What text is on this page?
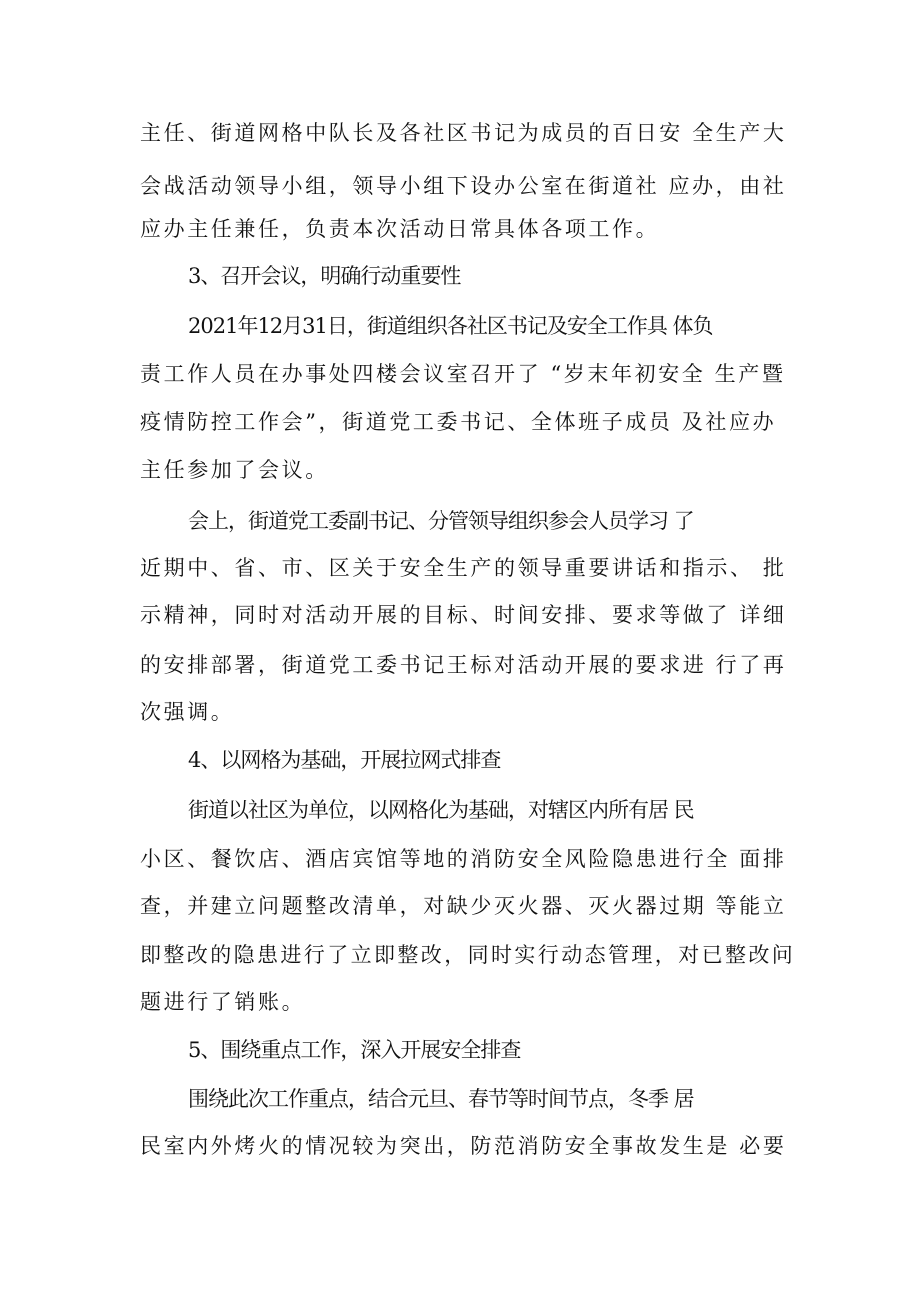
主任、街道网格中队长及各社区书记为成员的百日安 全生产大

会战活动领导小组，领导小组下设办公室在街道社 应办，由社

应办主任兼任，负责本次活动日常具体各项工作。

3、召开会议，明确行动重要性

2021年12月31日，街道组织各社区书记及安全工作具 体负

责工作人员在办事处四楼会议室召开了 “岁末年初安全 生产暨

疫情防控工作会”，街道党工委书记、全体班子成员 及社应办

主任参加了会议。

会上，街道党工委副书记、分管领导组织参会人员学习 了

近期中、省、市、区关于安全生产的领导重要讲话和指示、 批

示精神，同时对活动开展的目标、时间安排、要求等做了 详细

的安排部署，街道党工委书记王标对活动开展的要求进 行了再

次强调。

4、以网格为基础，开展拉网式排查

街道以社区为单位，以网格化为基础，对辖区内所有居 民

小区、餐饮店、酒店宾馆等地的消防安全风险隐患进行全 面排

查，并建立问题整改清单，对缺少灭火器、灭火器过期 等能立

即整改的隐患进行了立即整改，同时实行动态管理，对已整改问

题进行了销账。

5、围绕重点工作，深入开展安全排查

围绕此次工作重点，结合元旦、春节等时间节点，冬季 居

民室内外烤火的情况较为突出，防范消防安全事故发生是 必要
